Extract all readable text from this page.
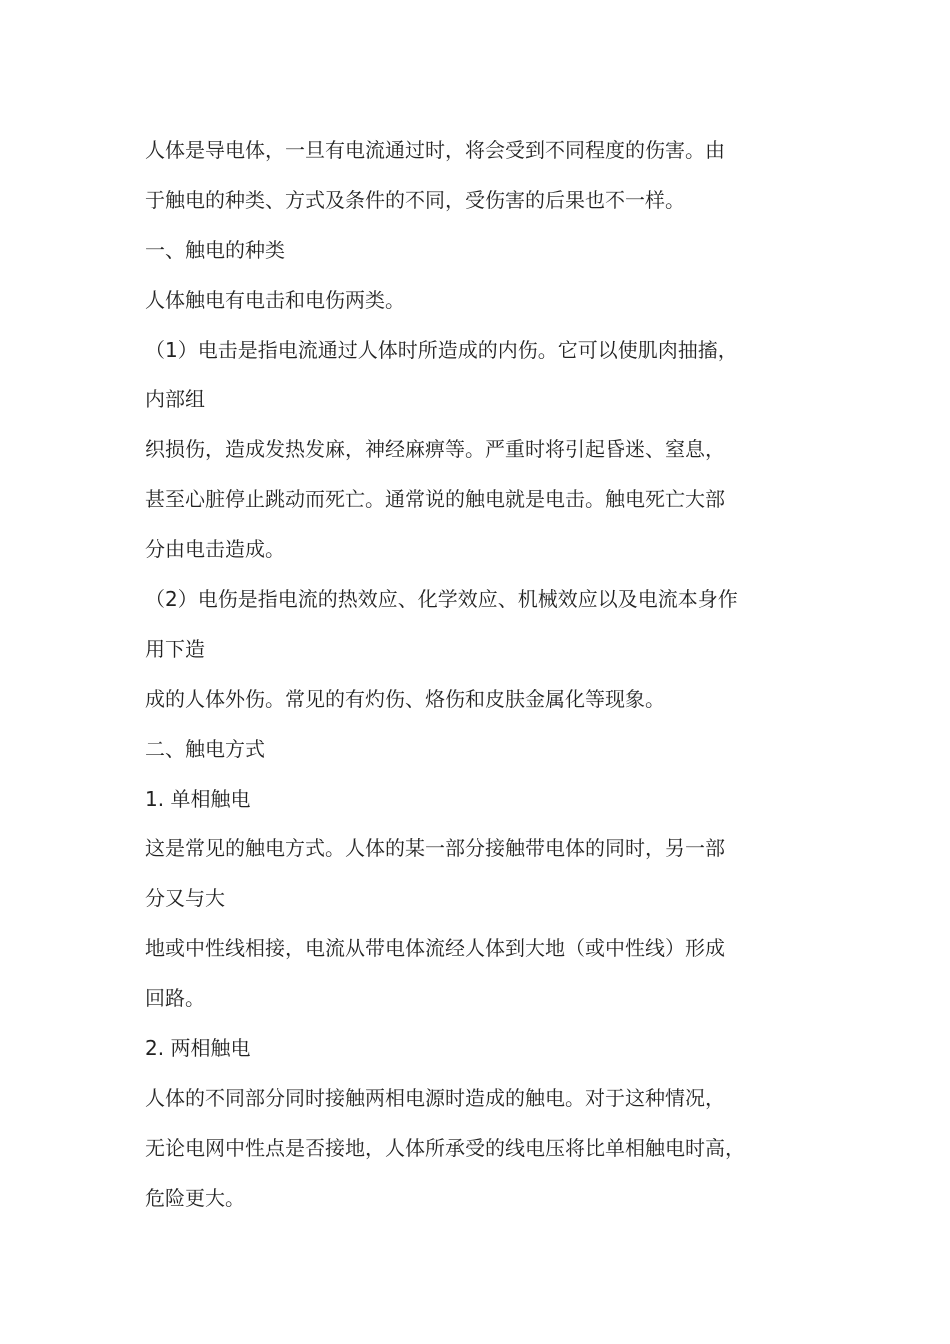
人体是导电体，一旦有电流通过时，将会受到不同程度的伤害。由
于触电的种类、方式及条件的不同，受伤害的后果也不一样。
一、触电的种类
人体触电有电击和电伤两类。
（1）电击是指电流通过人体时所造成的内伤。它可以使肌肉抽搐，
内部组
织损伤，造成发热发麻，神经麻痹等。严重时将引起昏迷、窒息，
甚至心脏停止跳动而死亡。通常说的触电就是电击。触电死亡大部
分由电击造成。
（2）电伤是指电流的热效应、化学效应、机械效应以及电流本身作
用下造
成的人体外伤。常见的有灼伤、烙伤和皮肤金属化等现象。
二、触电方式
1. 单相触电
这是常见的触电方式。人体的某一部分接触带电体的同时，另一部
分又与大
地或中性线相接，电流从带电体流经人体到大地（或中性线）形成
回路。
2. 两相触电
人体的不同部分同时接触两相电源时造成的触电。对于这种情况，
无论电网中性点是否接地，人体所承受的线电压将比单相触电时高，
危险更大。
